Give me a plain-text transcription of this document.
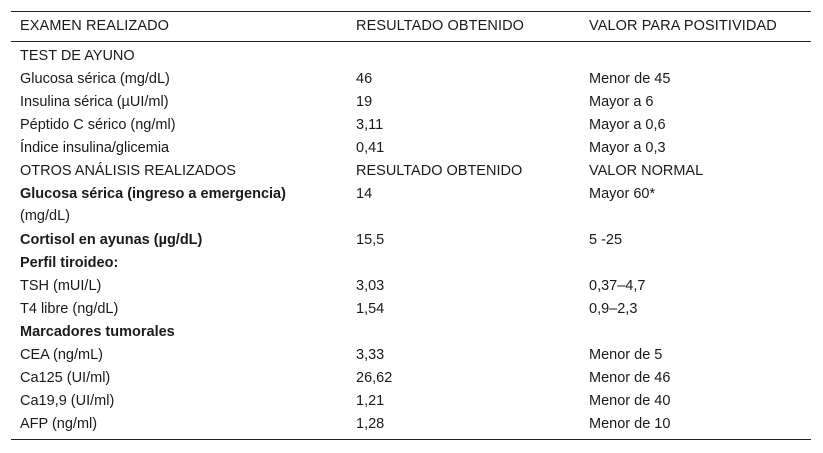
EXAMEN REALIZADO	RESULTADO OBTENIDO	VALOR PARA POSITIVIDAD
TEST DE AYUNO
Glucosa sérica (mg/dL)	46	Menor de 45
Insulina sérica (µUI/ml)	19	Mayor a 6
Péptido C sérico (ng/ml)	3,11	Mayor a 0,6
Índice insulina/glicemia	0,41	Mayor a 0,3
OTROS ANÁLISIS REALIZADOS	RESULTADO OBTENIDO	VALOR NORMAL
Glucosa sérica (ingreso a emergencia)	14	Mayor 60*
(mg/dL)
Cortisol en ayunas (µg/dL)	15,5	5 -25
Perfil tiroideo:
TSH (mUI/L)	3,03	0,37–4,7
T4 libre (ng/dL)	1,54	0,9–2,3
Marcadores tumorales
CEA (ng/mL)	3,33	Menor de 5
Ca125 (UI/ml)	26,62	Menor de 46
Ca19,9 (UI/ml)	1,21	Menor de 40
AFP (ng/ml)	1,28	Menor de 10
